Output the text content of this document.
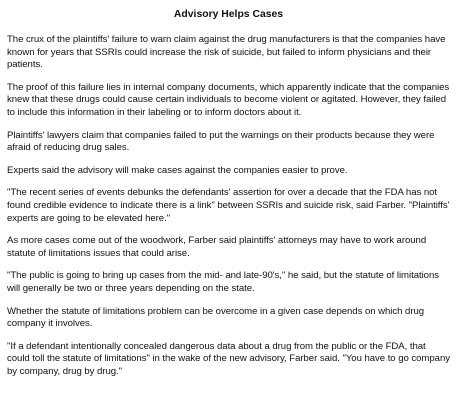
Advisory Helps Cases

The crux of the plaintiffs' failure to warn claim against the drug manufacturers is that the companies have known for years that SSRIs could increase the risk of suicide, but failed to inform physicians and their patients.

The proof of this failure lies in internal company documents, which apparently indicate that the companies knew that these drugs could cause certain individuals to become violent or agitated. However, they failed to include this information in their labeling or to inform doctors about it.

Plaintiffs' lawyers claim that companies failed to put the warnings on their products because they were afraid of reducing drug sales.

Experts said the advisory will make cases against the companies easier to prove.

"The recent series of events debunks the defendants' assertion for over a decade that the FDA has not found credible evidence to indicate there is a link" between SSRIs and suicide risk, said Farber. "Plaintiffs' experts are going to be elevated here."

As more cases come out of the woodwork, Farber said plaintiffs' attorneys may have to work around statute of limitations issues that could arise.

"The public is going to bring up cases from the mid- and late-90's," he said, but the statute of limitations will generally be two or three years depending on the state.

Whether the statute of limitations problem can be overcome in a given case depends on which drug company it involves.

"If a defendant intentionally concealed dangerous data about a drug from the public or the FDA, that could toll the statute of limitations" in the wake of the new advisory, Farber said. "You have to go company by company, drug by drug."
